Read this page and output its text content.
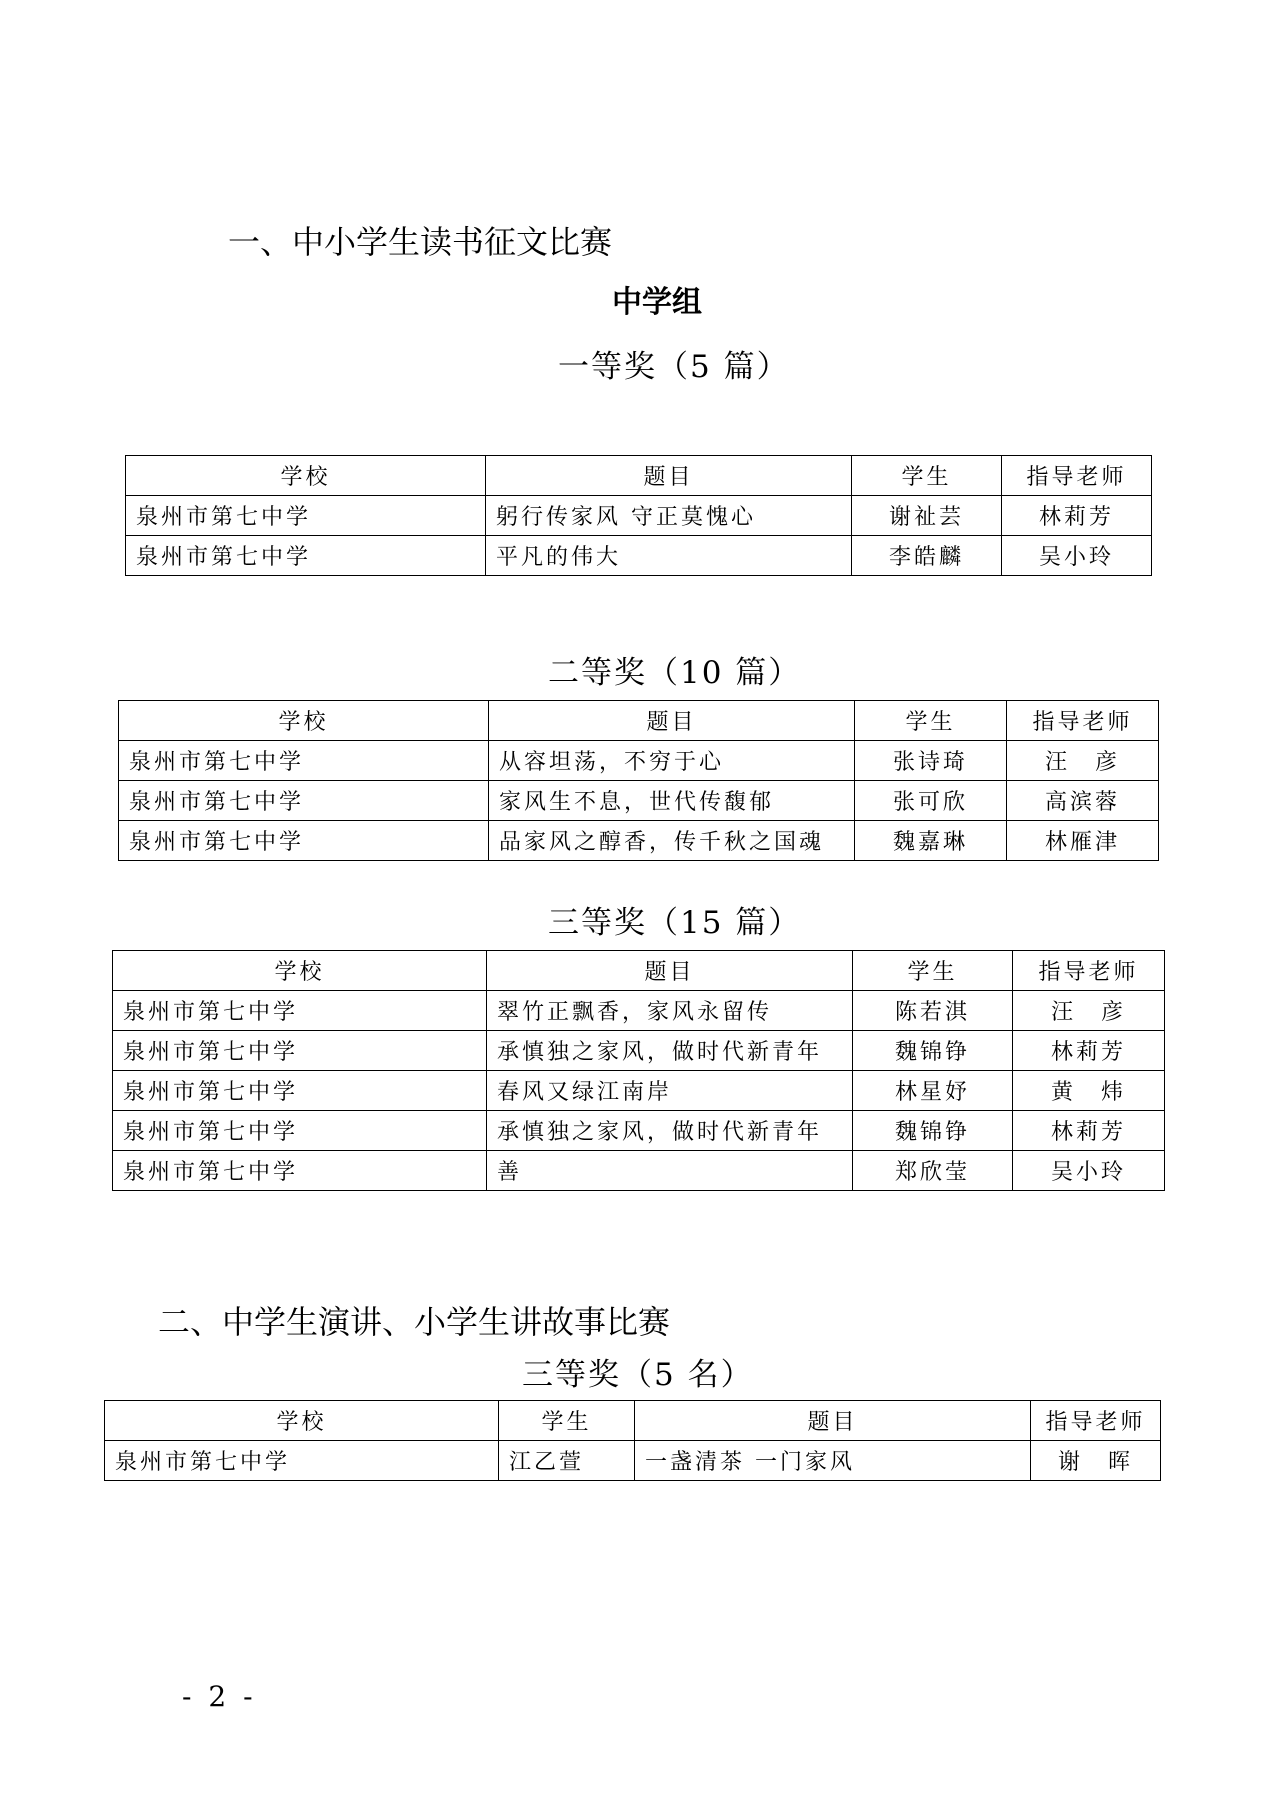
一、中小学生读书征文比赛
中学组
一等奖（5 篇）
学校	题目	学生	指导老师
泉州市第七中学	躬行传家风 守正莫愧心	谢祉芸	林莉芳
泉州市第七中学	平凡的伟大	李皓麟	吴小玲
二等奖（10 篇）
学校	题目	学生	指导老师
泉州市第七中学	从容坦荡，不穷于心	张诗琦	汪　彦
泉州市第七中学	家风生不息，世代传馥郁	张可欣	高滨蓉
泉州市第七中学	品家风之醇香，传千秋之国魂	魏嘉琳	林雁津
三等奖（15 篇）
学校	题目	学生	指导老师
泉州市第七中学	翠竹正飘香，家风永留传	陈若淇	汪　彦
泉州市第七中学	承慎独之家风，做时代新青年	魏锦铮	林莉芳
泉州市第七中学	春风又绿江南岸	林星妤	黄　炜
泉州市第七中学	承慎独之家风，做时代新青年	魏锦铮	林莉芳
泉州市第七中学	善	郑欣莹	吴小玲
二、中学生演讲、小学生讲故事比赛
三等奖（5 名）
学校	学生	题目	指导老师
泉州市第七中学	江乙萱	一盏清茶 一门家风	谢　晖
- 2 -
